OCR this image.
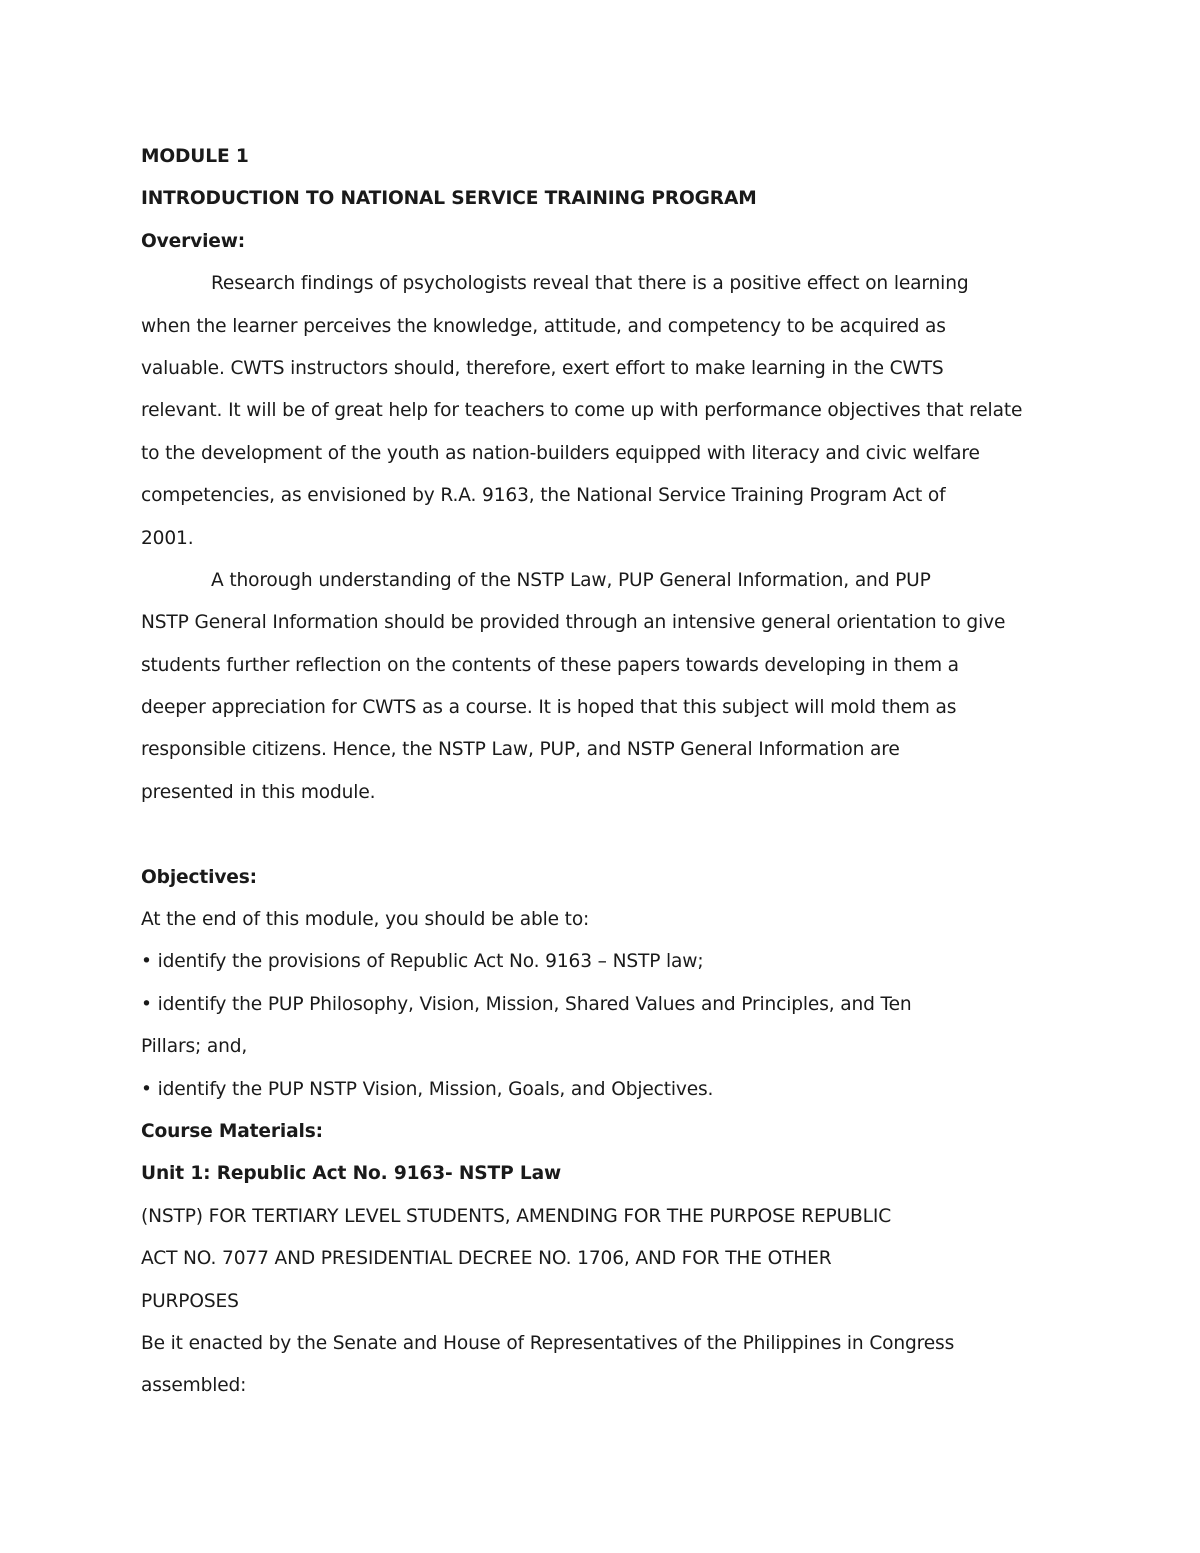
MODULE 1
INTRODUCTION TO NATIONAL SERVICE TRAINING PROGRAM
Overview:
Research findings of psychologists reveal that there is a positive effect on learning
when the learner perceives the knowledge, attitude, and competency to be acquired as
valuable. CWTS instructors should, therefore, exert effort to make learning in the CWTS
relevant. It will be of great help for teachers to come up with performance objectives that relate
to the development of the youth as nation-builders equipped with literacy and civic welfare
competencies, as envisioned by R.A. 9163, the National Service Training Program Act of
2001.
A thorough understanding of the NSTP Law, PUP General Information, and PUP
NSTP General Information should be provided through an intensive general orientation to give
students further reflection on the contents of these papers towards developing in them a
deeper appreciation for CWTS as a course. It is hoped that this subject will mold them as
responsible citizens. Hence, the NSTP Law, PUP, and NSTP General Information are
presented in this module.
Objectives:
At the end of this module, you should be able to:
• identify the provisions of Republic Act No. 9163 – NSTP law;
• identify the PUP Philosophy, Vision, Mission, Shared Values and Principles, and Ten
Pillars; and,
• identify the PUP NSTP Vision, Mission, Goals, and Objectives.
Course Materials:
Unit 1: Republic Act No. 9163- NSTP Law
(NSTP) FOR TERTIARY LEVEL STUDENTS, AMENDING FOR THE PURPOSE REPUBLIC
ACT NO. 7077 AND PRESIDENTIAL DECREE NO. 1706, AND FOR THE OTHER
PURPOSES
Be it enacted by the Senate and House of Representatives of the Philippines in Congress
assembled:
